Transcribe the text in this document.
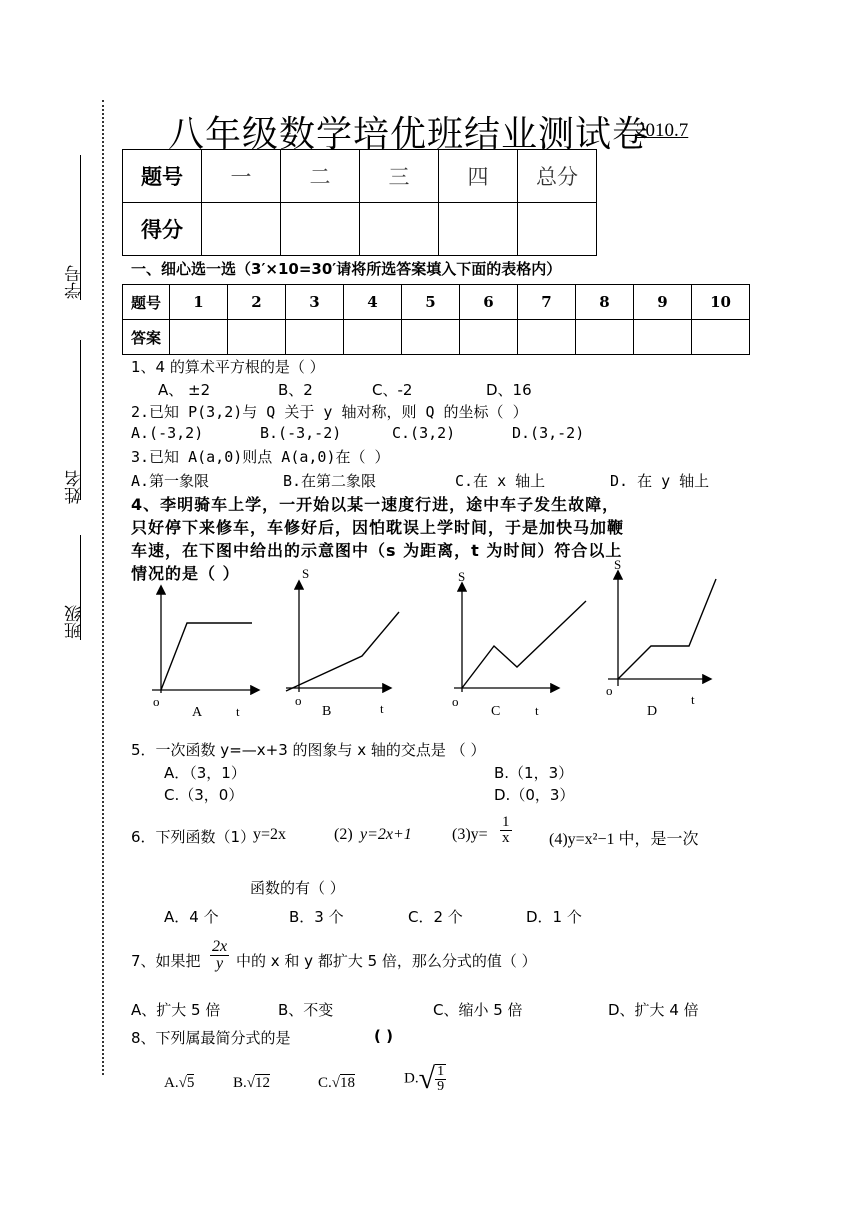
学号
姓名
班级
八年级数学培优班结业测试卷
2010.7
题号	一	二	三	四	总分
得分					
一、细心选一选（3′×10=30′请将所选答案填入下面的表格内）
题号	1	2	3	4	5	6	7	8	9	10
答案										
1、4 的算术平方根的是（ ）
A、 ±2	B、2	C、-2	D、16
2.已知 P(3,2)与 Q 关于 y 轴对称，则 Q 的坐标（ ）
A.(-3,2)	B.(-3,-2)	C.(3,2)	D.(3,-2)
3.已知 A(a,0)则点 A(a,0)在（ ）
A.第一象限	B.在第二象限	C.在 x 轴上	D. 在 y 轴上
4、李明骑车上学，一开始以某一速度行进，途中车子发生故障，
只好停下来修车，车修好后，因怕耽误上学时间，于是加快马加鞭
车速，在下图中给出的示意图中（s 为距离，t 为时间）符合以上
情况的是（ ）
o
A	t
S
o
B	t
S
o
C	t
S
o
D
t
5．一次函数 y=—x+3 的图象与 x 轴的交点是 （ ）
A．（3，1）	B.（1，3）
C.（3，0）	D.（0，3）
6．下列函数（1）
y=2x	(2) y=2x+1	$(3)y= \frac{1}{x} (4)y=x^2-1$ 中，是一次
函数的有（ ）
A．4 个	B．3 个	C．2 个	D．1 个
7、如果把 $\frac{2x}{y}$ 中的 x 和 y 都扩大 5 倍，那么分式的值（ ）
A、扩大 5 倍	B、不变	C、缩小 5 倍	D、扩大 4 倍
8、下列属最简分式的是	( )
A.√5	B.√12	C.√18	$D.√ \frac{1}{9}$
